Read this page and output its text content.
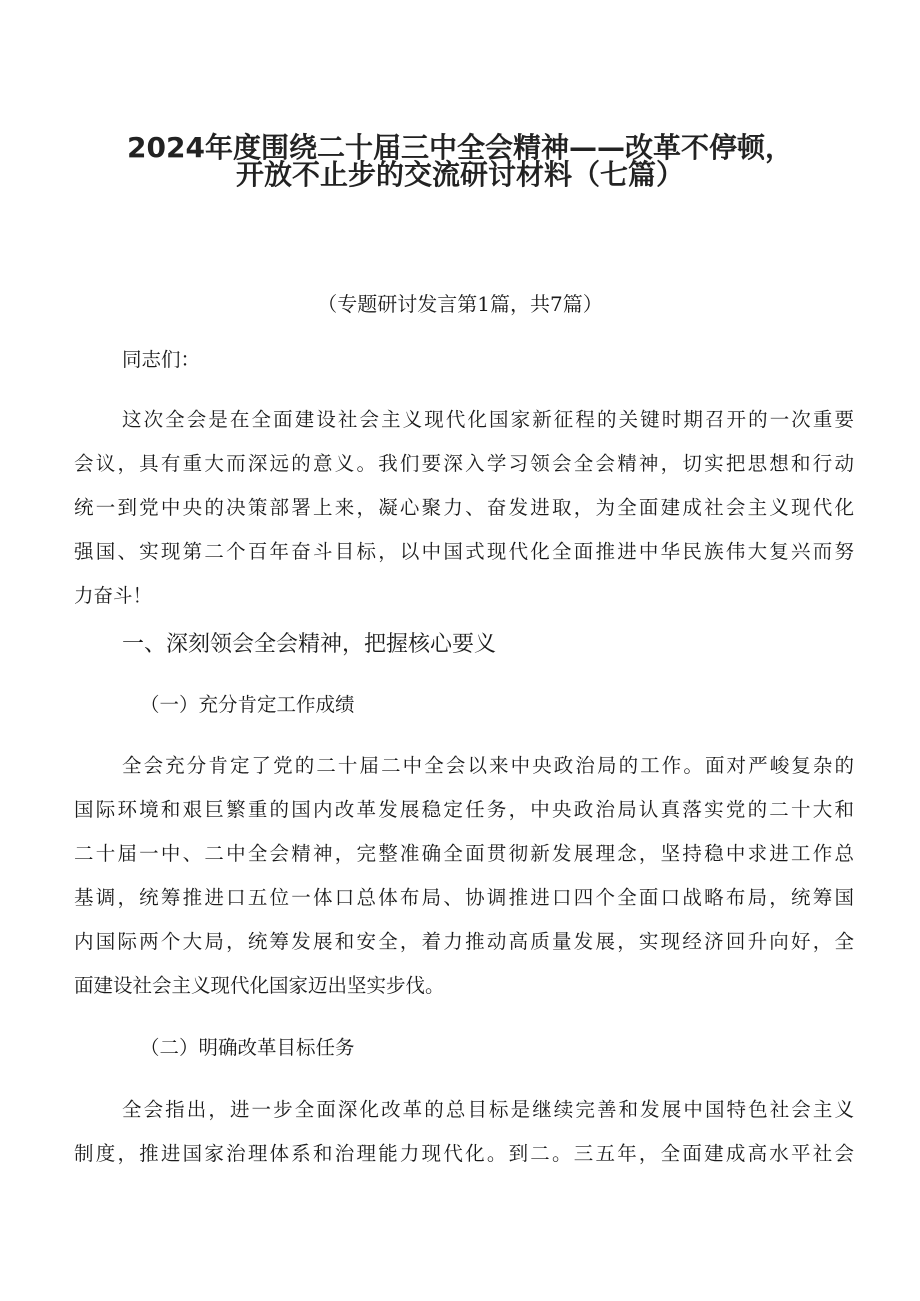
2024年度围绕二十届三中全会精神——改革不停顿，
开放不止步的交流研讨材料（七篇）
（专题研讨发言第1篇，共7篇）
同志们：
这次全会是在全面建设社会主义现代化国家新征程的关键时期召开的一次重要
会议，具有重大而深远的意义。我们要深入学习领会全会精神，切实把思想和行动
统一到党中央的决策部署上来，凝心聚力、奋发进取，为全面建成社会主义现代化
强国、实现第二个百年奋斗目标，以中国式现代化全面推进中华民族伟大复兴而努
力奋斗！
一、深刻领会全会精神，把握核心要义
（一）充分肯定工作成绩
全会充分肯定了党的二十届二中全会以来中央政治局的工作。面对严峻复杂的
国际环境和艰巨繁重的国内改革发展稳定任务，中央政治局认真落实党的二十大和
二十届一中、二中全会精神，完整准确全面贯彻新发展理念，坚持稳中求进工作总
基调，统筹推进口五位一体口总体布局、协调推进口四个全面口战略布局，统筹国
内国际两个大局，统筹发展和安全，着力推动高质量发展，实现经济回升向好，全
面建设社会主义现代化国家迈出坚实步伐。
（二）明确改革目标任务
全会指出，进一步全面深化改革的总目标是继续完善和发展中国特色社会主义
制度，推进国家治理体系和治理能力现代化。到二。三五年，全面建成高水平社会
